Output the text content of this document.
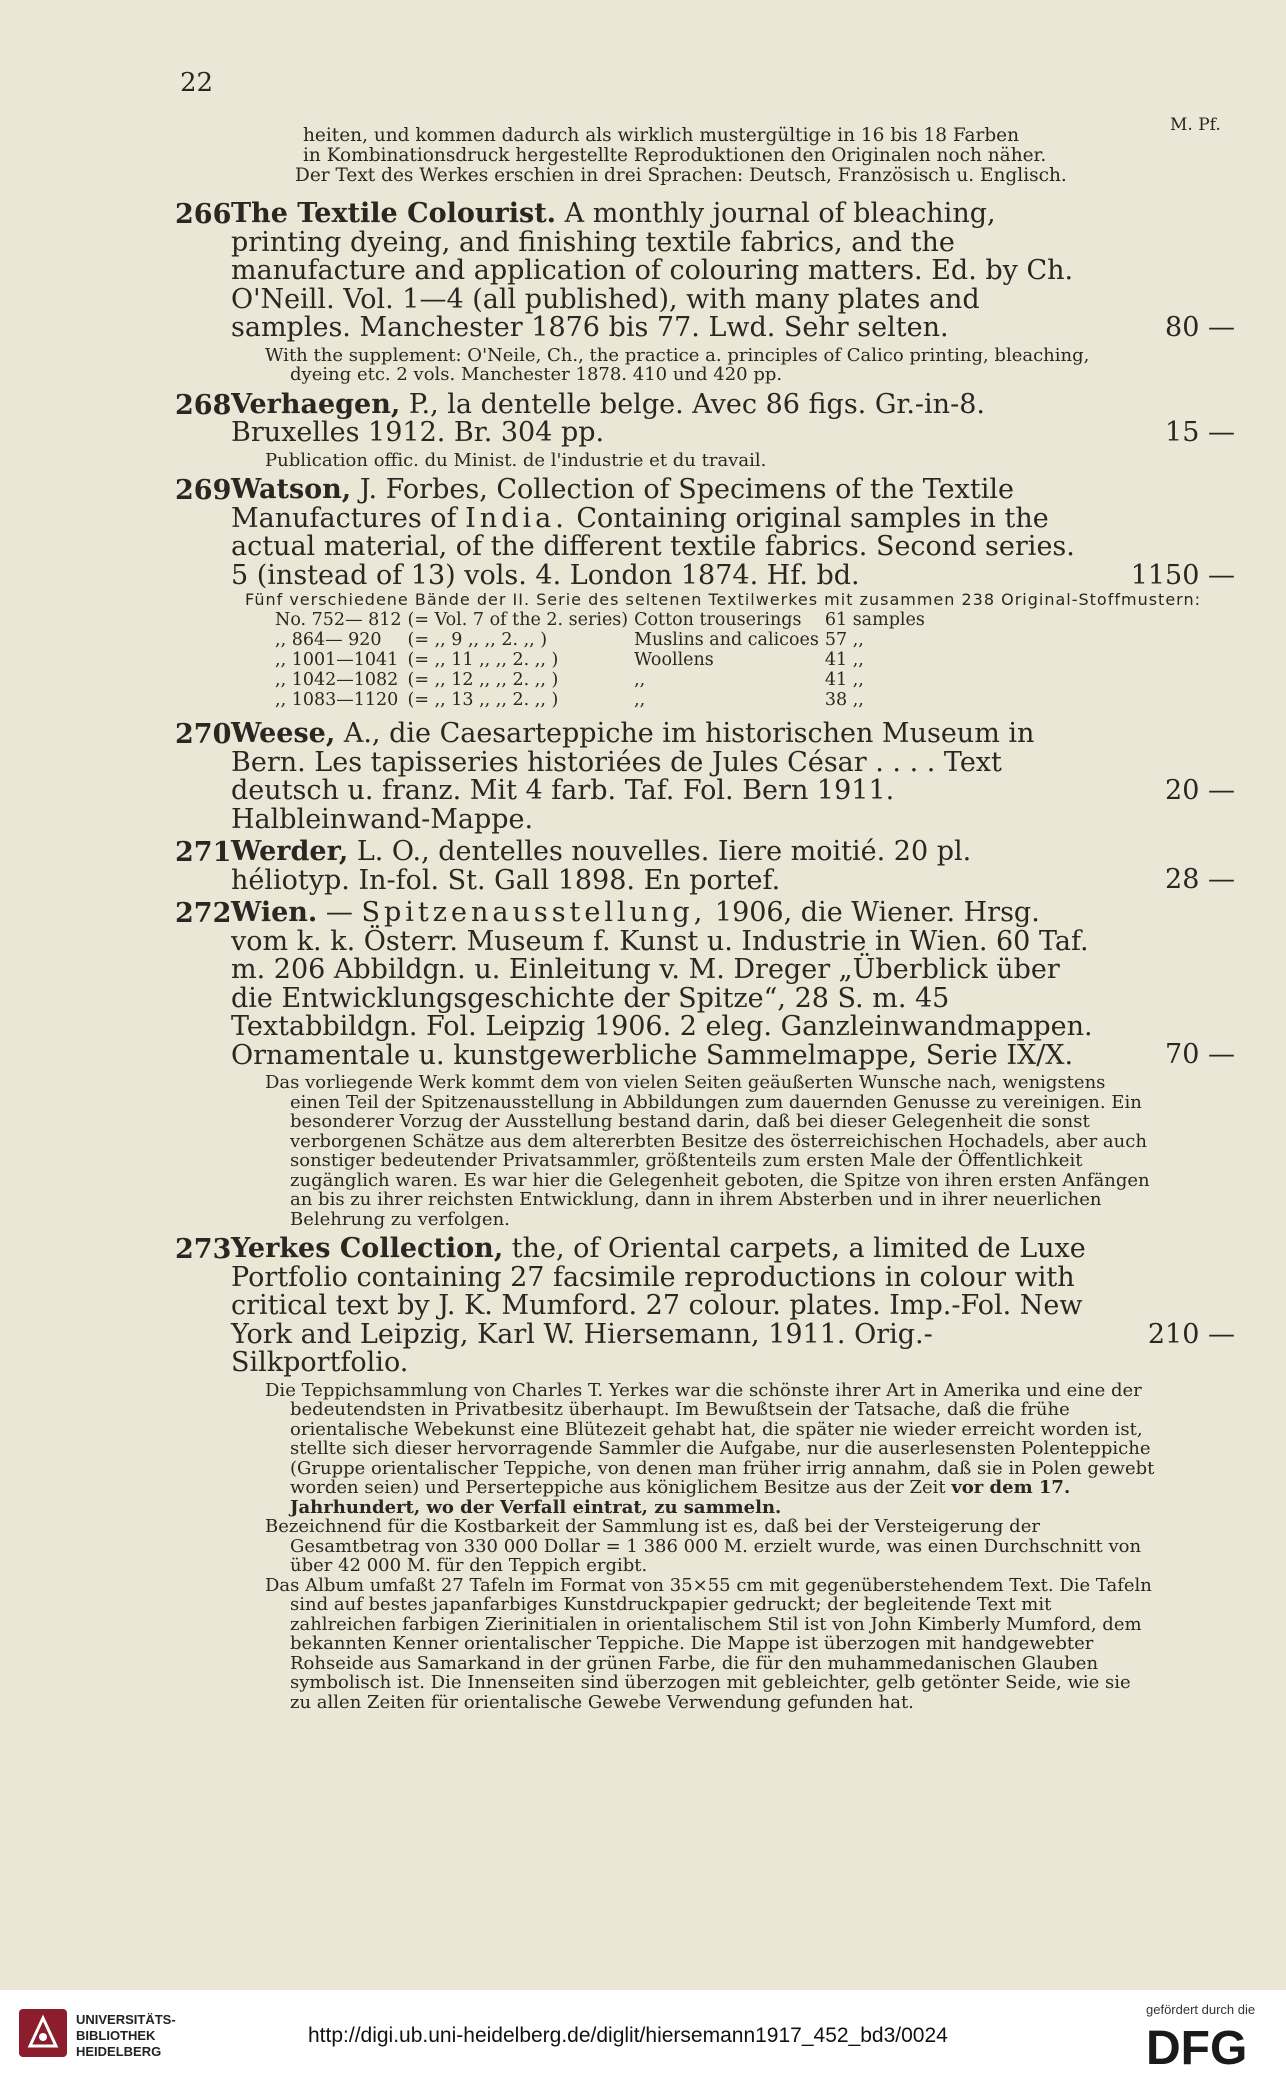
22
M. Pf.
heiten, und kommen dadurch als wirklich mustergültige in 16 bis 18 Farben
in Kombinationsdruck hergestellte Reproduktionen den Originalen noch näher.
Der Text des Werkes erschien in drei Sprachen: Deutsch, Französisch u. Englisch.
266 The Textile Colourist. A monthly journal of bleaching, printing dyeing, and finishing textile fabrics, and the manufacture and application of colouring matters. Ed. by Ch. O'Neill. Vol. 1—4 (all published), with many plates and samples. Manchester 1876 bis 77. Lwd. Sehr selten.	80 —

With the supplement: O'Neile, Ch., the practice a. principles of Calico printing, bleaching, dyeing etc. 2 vols. Manchester 1878. 410 und 420 pp.

268 Verhaegen, P., la dentelle belge. Avec 86 figs. Gr.-in-8. Bruxelles 1912. Br. 304 pp.	15 —

Publication offic. du Minist. de l'industrie et du travail.

269 Watson, J. Forbes, Collection of Specimens of the Textile Manufactures of India. Containing original samples in the actual material, of the different textile fabrics. Second series. 5 (instead of 13) vols. 4. London 1874. Hf. bd.	1150 —
Fünf verschiedene Bände der II. Serie des seltenen Textilwerkes mit zusammen 238 Original-Stoffmustern:
No. 752— 812	(= Vol. 7 of the 2. series)	Cotton trouserings	61 samples
,, 864— 920	(= ,, 9 ,, ,, 2. ,, )	Muslins and calicoes	57 ,,
,, 1001—1041	(= ,, 11 ,, ,, 2. ,, )	Woollens	41 ,,
,, 1042—1082	(= ,, 12 ,, ,, 2. ,, )	,,	41 ,,
,, 1083—1120	(= ,, 13 ,, ,, 2. ,, )	,,	38 ,,
270 Weese, A., die Caesarteppiche im historischen Museum in Bern. Les tapisseries historiées de Jules César . . . . Text deutsch u. franz. Mit 4 farb. Taf. Fol. Bern 1911. Halbleinwand-Mappe.
20 —
271 Werder, L. O., dentelles nouvelles. Iiere moitié. 20 pl. héliotyp. In-fol. St. Gall 1898. En portef.	28 —
272 Wien. — Spitzenausstellung, 1906, die Wiener. Hrsg. vom k. k. Österr. Museum f. Kunst u. Industrie in Wien. 60 Taf. m. 206 Abbildgn. u. Einleitung v. M. Dreger „Überblick über die Entwicklungsgeschichte der Spitze“, 28 S. m. 45 Textabbildgn. Fol. Leipzig 1906. 2 eleg. Ganzleinwandmappen. Ornamentale u. kunstgewerbliche Sammelmappe, Serie IX/X.	70 —

Das vorliegende Werk kommt dem von vielen Seiten geäußerten Wunsche nach, wenigstens einen Teil der Spitzenausstellung in Abbildungen zum dauernden Genusse zu vereinigen. Ein besonderer Vorzug der Ausstellung bestand darin, daß bei dieser Gelegenheit die sonst verborgenen Schätze aus dem altererbten Besitze des österreichischen Hochadels, aber auch sonstiger bedeutender Privatsammler, größtenteils zum ersten Male der Öffentlichkeit zugänglich waren. Es war hier die Gelegenheit geboten, die Spitze von ihren ersten Anfängen an bis zu ihrer reichsten Entwicklung, dann in ihrem Absterben und in ihrer neuerlichen Belehrung zu verfolgen.

273 Yerkes Collection, the, of Oriental carpets, a limited de Luxe Portfolio containing 27 facsimile reproductions in colour with critical text by J. K. Mumford. 27 colour. plates. Imp.-Fol. New York and Leipzig, Karl W. Hiersemann, 1911. Orig.-Silkportfolio.
210 —

Die Teppichsammlung von Charles T. Yerkes war die schönste ihrer Art in Amerika und eine der bedeutendsten in Privatbesitz überhaupt. Im Bewußtsein der Tatsache, daß die frühe orientalische Webekunst eine Blütezeit gehabt hat, die später nie wieder erreicht worden ist, stellte sich dieser hervorragende Sammler die Aufgabe, nur die auserlesensten Polenteppiche (Gruppe orientalischer Teppiche, von denen man früher irrig annahm, daß sie in Polen gewebt worden seien) und Perserteppiche aus königlichem Besitze aus der Zeit vor dem 17. Jahrhundert, wo der Verfall eintrat, zu sammeln.

Bezeichnend für die Kostbarkeit der Sammlung ist es, daß bei der Versteigerung der Gesamtbetrag von 330 000 Dollar = 1 386 000 M. erzielt wurde, was einen Durchschnitt von über 42 000 M. für den Teppich ergibt.

Das Album umfaßt 27 Tafeln im Format von 35×55 cm mit gegenüberstehendem Text. Die Tafeln sind auf bestes japanfarbiges Kunstdruckpapier gedruckt; der begleitende Text mit zahlreichen farbigen Zierinitialen in orientalischem Stil ist von John Kimberly Mumford, dem bekannten Kenner orientalischer Teppiche. Die Mappe ist überzogen mit handgewebter Rohseide aus Samarkand in der grünen Farbe, die für den muhammedanischen Glauben symbolisch ist. Die Innenseiten sind überzogen mit gebleichter, gelb getönter Seide, wie sie zu allen Zeiten für orientalische Gewebe Verwendung gefunden hat.

UNIVERSITÄTS-
BIBLIOTHEK
HEIDELBERG
http://digi.ub.uni-heidelberg.de/diglit/hiersemann1917_452_bd3/0024
gefördert durch die
DFG
